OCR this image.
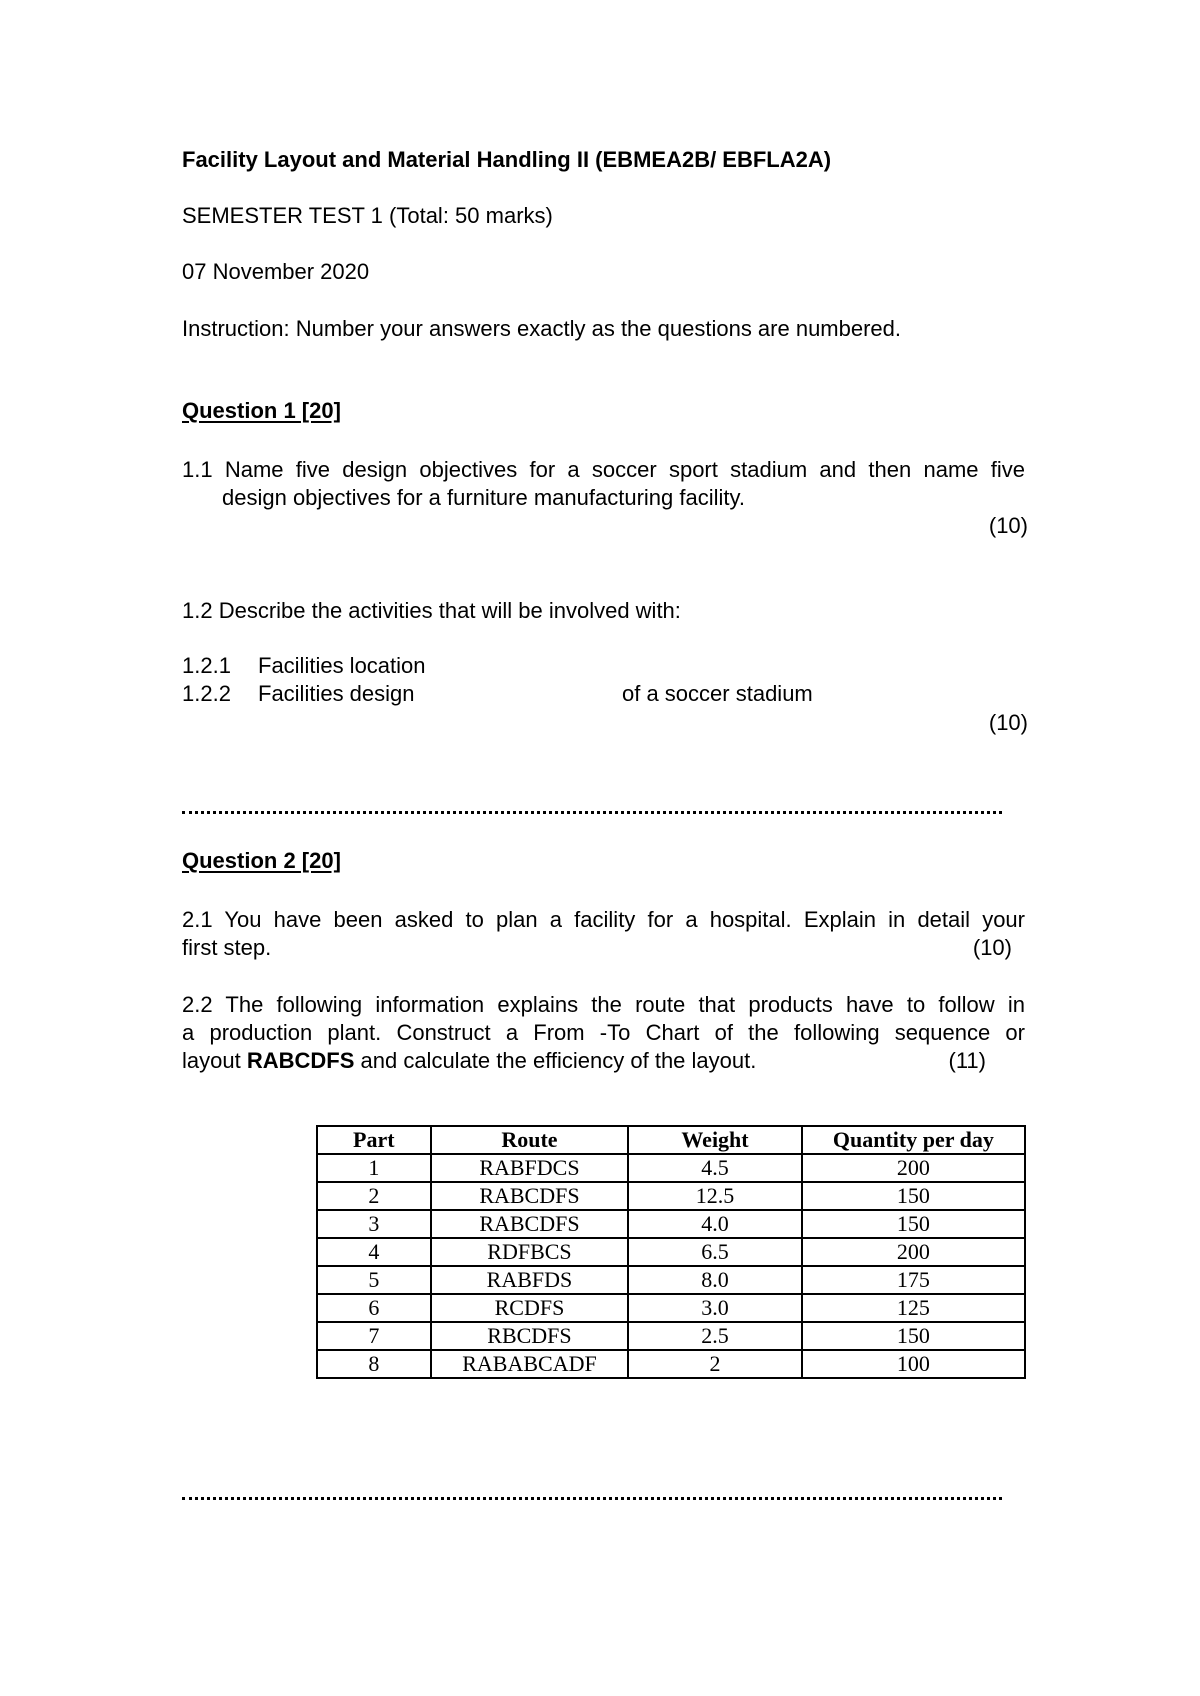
Facility Layout and Material Handling II (EBMEA2B/ EBFLA2A)
SEMESTER TEST 1 (Total: 50 marks)
07 November 2020
Instruction: Number your answers exactly as the questions are numbered.
Question 1 [20]
1.1 Name five design objectives for a soccer sport stadium and then name five
design objectives for a furniture manufacturing facility.
(10)
1.2 Describe the activities that will be involved with:
1.2.1 Facilities location
1.2.2 Facilities design	of a soccer stadium
(10)
Question 2 [20]
2.1 You have been asked to plan a facility for a hospital. Explain in detail your
first step.	(10)
2.2 The following information explains the route that products have to follow in
a production plant. Construct a From -To Chart of the following sequence or
layout RABCDFS and calculate the efficiency of the layout.	(11)
Part	Route	Weight	Quantity per day
1	RABFDCS	4.5	200
2	RABCDFS	12.5	150
3	RABCDFS	4.0	150
4	RDFBCS	6.5	200
5	RABFDS	8.0	175
6	RCDFS	3.0	125
7	RBCDFS	2.5	150
8	RABABCADF	2	100
